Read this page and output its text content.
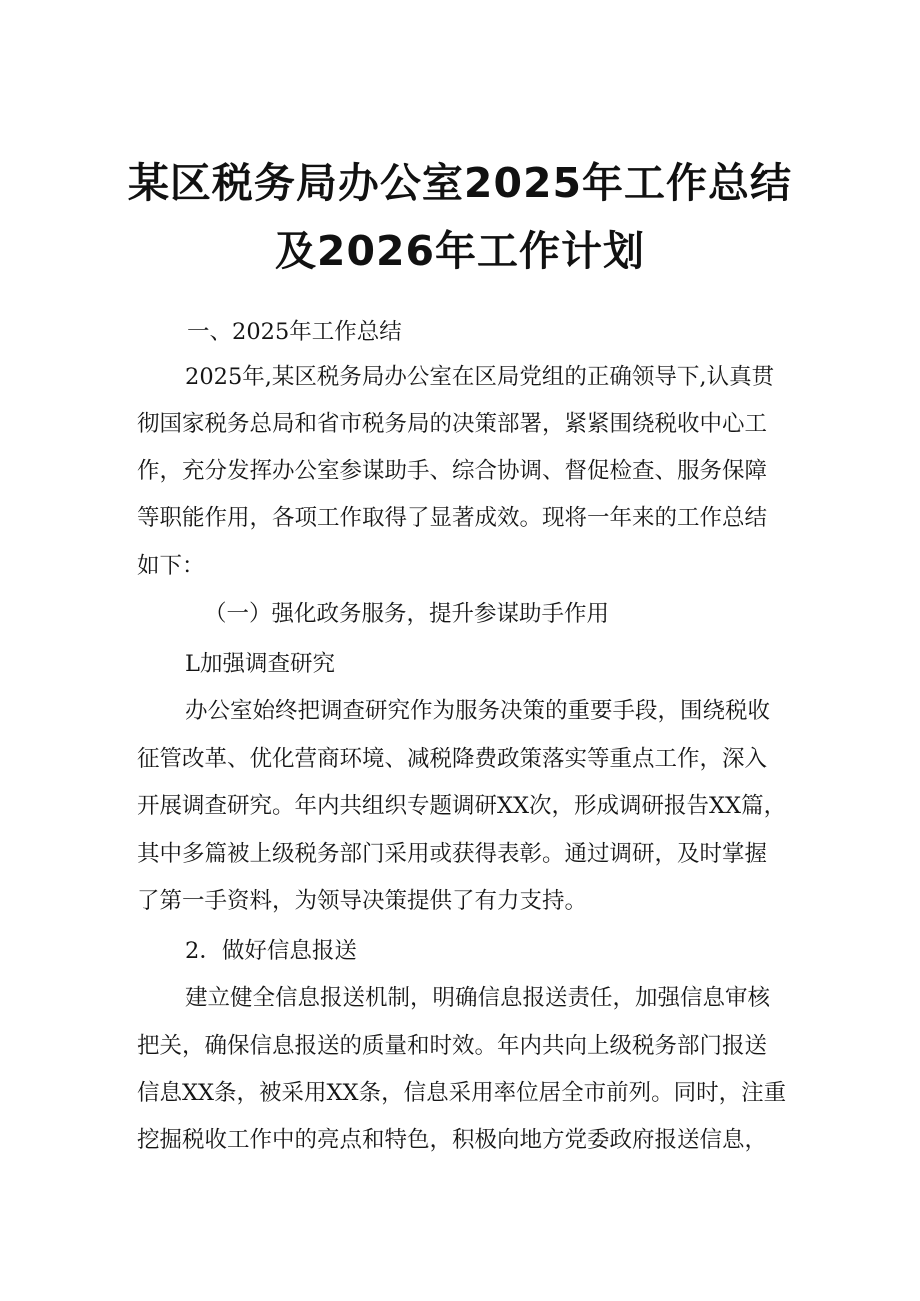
某区税务局办公室2025年工作总结
及2026年工作计划
一、2025年工作总结
2025年,某区税务局办公室在区局党组的正确领导下,认真贯
彻国家税务总局和省市税务局的决策部署，紧紧围绕税收中心工
作，充分发挥办公室参谋助手、综合协调、督促检查、服务保障
等职能作用，各项工作取得了显著成效。现将一年来的工作总结
如下：
（一）强化政务服务，提升参谋助手作用
L加强调查研究
办公室始终把调查研究作为服务决策的重要手段，围绕税收
征管改革、优化营商环境、减税降费政策落实等重点工作，深入
开展调查研究。年内共组织专题调研XX次，形成调研报告XX篇，
其中多篇被上级税务部门采用或获得表彰。通过调研，及时掌握
了第一手资料，为领导决策提供了有力支持。
2．做好信息报送
建立健全信息报送机制，明确信息报送责任，加强信息审核
把关，确保信息报送的质量和时效。年内共向上级税务部门报送
信息XX条，被采用XX条，信息采用率位居全市前列。同时，注重
挖掘税收工作中的亮点和特色，积极向地方党委政府报送信息，
